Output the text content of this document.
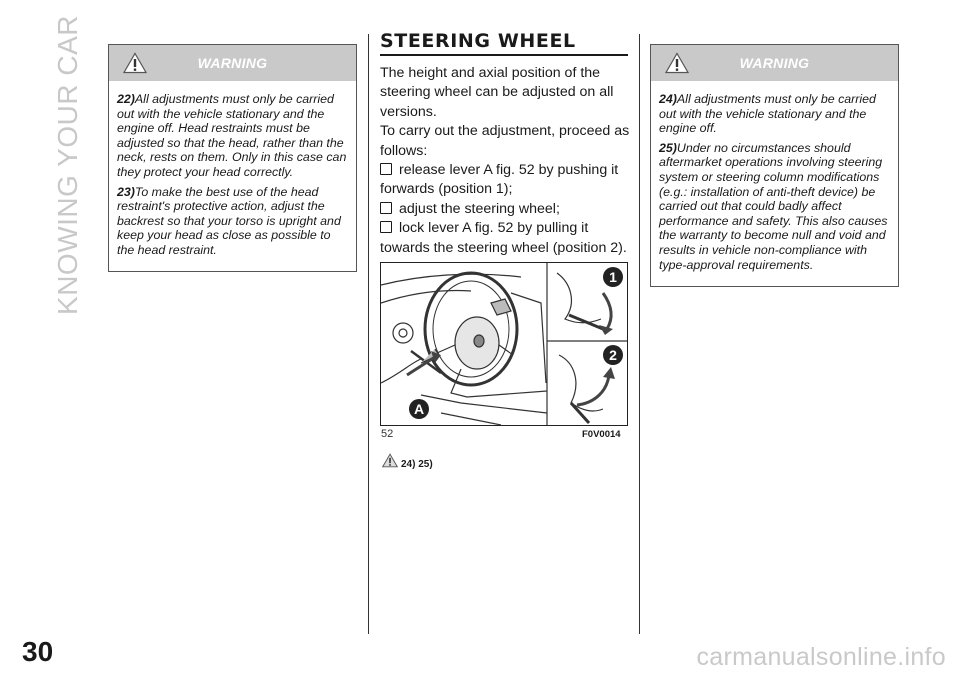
KNOWING YOUR CAR
30	carmanualsonline.info
WARNING

22)All adjustments must only be carried out with the vehicle stationary and the engine off. Head restraints must be adjusted so that the head, rather than the neck, rests on them. Only in this case can they protect your head correctly.

23)To make the best use of the head restraint's protective action, adjust the backrest so that your torso is upright and keep your head as close as possible to the head restraint.

STEERING WHEEL

The height and axial position of the steering wheel can be adjusted on all versions.

To carry out the adjustment, proceed as follows:

release lever A fig. 52 by pushing it forwards (position 1);

adjust the steering wheel;

lock lever A fig. 52 by pulling it towards the steering wheel (position 2).

1
2
A
52	F0V0014
24) 25)
WARNING

24)All adjustments must only be carried out with the vehicle stationary and the engine off.

25)Under no circumstances should aftermarket operations involving steering system or steering column modifications (e.g.: installation of anti-theft device) be carried out that could badly affect performance and safety. This also causes the warranty to become null and void and results in vehicle non-compliance with type-approval requirements.
